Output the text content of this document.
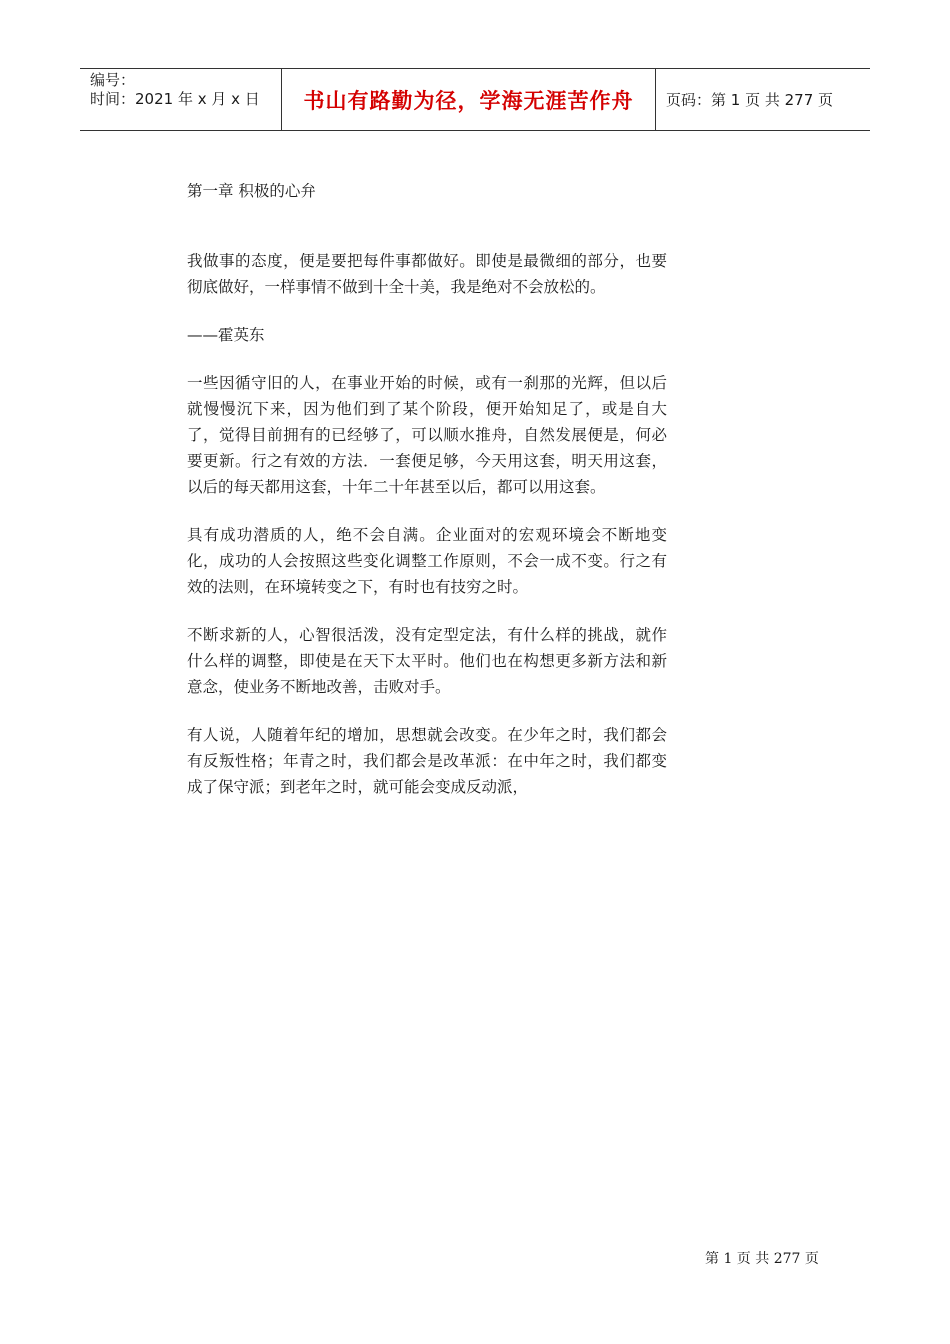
编号：
时间：2021 年 x 月 x 日	书山有路勤为径，学海无涯苦作舟	页码：第 1 页 共 277 页
第一章 积极的心弁

我做事的态度，便是要把每件事都做好。即使是最微细的部分，也要彻底做好，一样事情不做到十全十美，我是绝对不会放松的。

——霍英东

一些因循守旧的人，在事业开始的时候，或有一刹那的光辉，但以后就慢慢沉下来，因为他们到了某个阶段，便开始知足了，或是自大了，觉得目前拥有的已经够了，可以顺水推舟，自然发展便是，何必要更新。行之有效的方法．一套便足够，今天用这套，明天用这套，以后的每天都用这套，十年二十年甚至以后，都可以用这套。

具有成功潜质的人，绝不会自满。企业面对的宏观环境会不断地变化，成功的人会按照这些变化调整工作原则，不会一成不变。行之有效的法则，在环境转变之下，有时也有技穷之时。

不断求新的人，心智很活泼，没有定型定法，有什么样的挑战，就作什么样的调整，即使是在天下太平时。他们也在构想更多新方法和新意念，使业务不断地改善，击败对手。

有人说，人随着年纪的增加，思想就会改变。在少年之时，我们都会有反叛性格；年青之时，我们都会是改革派：在中年之时，我们都变成了保守派；到老年之时，就可能会变成反动派，

第 1 页 共 277 页
